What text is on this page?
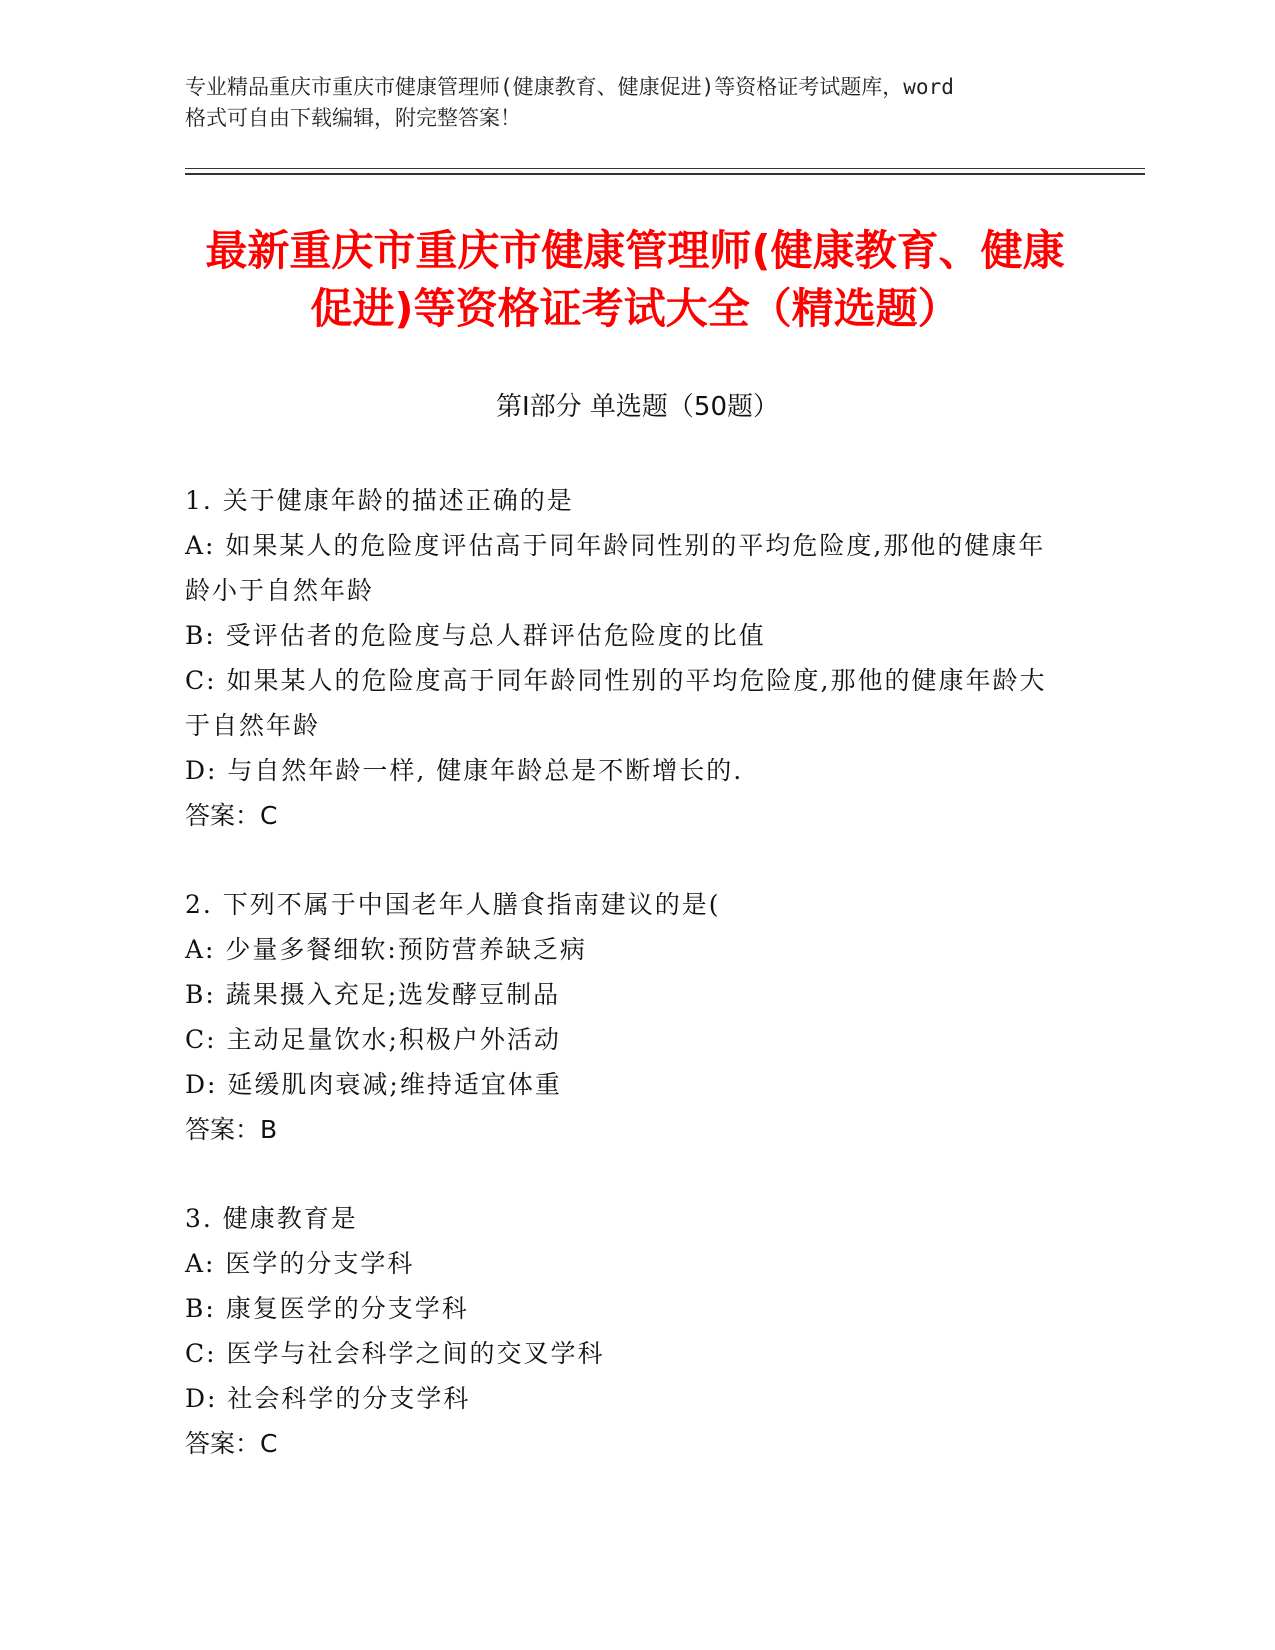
专业精品重庆市重庆市健康管理师(健康教育、健康促进)等资格证考试题库，word
格式可自由下载编辑，附完整答案！
最新重庆市重庆市健康管理师(健康教育、健康促进)等资格证考试大全（精选题）
第Ⅰ部分 单选题（50题）
1. 关于健康年龄的描述正确的是
A: 如果某人的危险度评估高于同年龄同性别的平均危险度,那他的健康年龄小于自然年龄
B: 受评估者的危险度与总人群评估危险度的比值
C: 如果某人的危险度高于同年龄同性别的平均危险度,那他的健康年龄大于自然年龄
D: 与自然年龄一样, 健康年龄总是不断增长的.
答案：C
2. 下列不属于中国老年人膳食指南建议的是(
A: 少量多餐细软:预防营养缺乏病
B: 蔬果摄入充足;选发酵豆制品
C: 主动足量饮水;积极户外活动
D: 延缓肌肉衰减;维持适宜体重
答案：B
3. 健康教育是
A: 医学的分支学科
B: 康复医学的分支学科
C: 医学与社会科学之间的交叉学科
D: 社会科学的分支学科
答案：C
